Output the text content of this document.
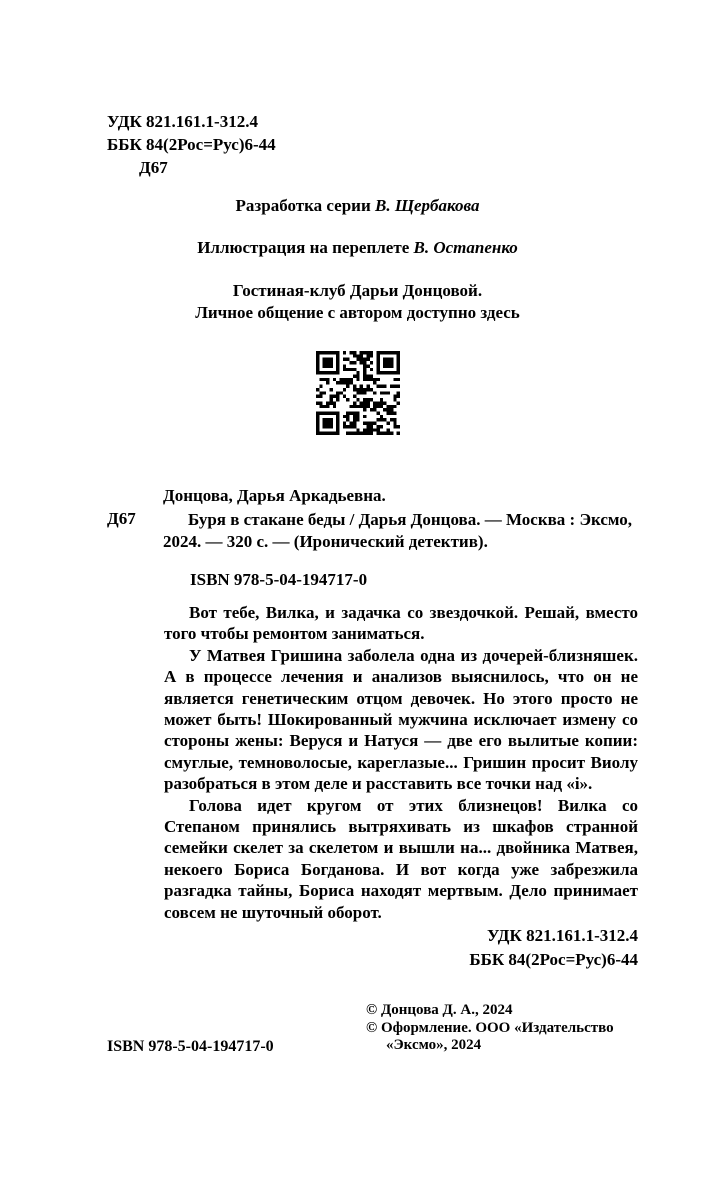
УДК 821.161.1-312.4
ББК 84(2Рос=Рус)6-44
Д67
Разработка серии В. Щербакова
Иллюстрация на переплете В. Остапенко
Гостиная-клуб Дарьи Донцовой.
Личное общение с автором доступно здесь
Донцова, Дарья Аркадьевна.
Д67	Буря в стакане беды / Дарья Донцова. — Москва : Эксмо, 2024. — 320 с. — (Иронический детектив).
ISBN 978-5-04-194717-0

Вот тебе, Вилка, и задачка со звездочкой. Решай, вместо того чтобы ремонтом заниматься.

У Матвея Гришина заболела одна из дочерей-близняшек. А в процессе лечения и анализов выяснилось, что он не является генетическим отцом девочек. Но этого просто не может быть! Шокированный мужчина исключает измену со стороны жены: Веруся и Натуся — две его вылитые копии: смуглые, темноволосые, кареглазые... Гришин просит Виолу разобраться в этом деле и расставить все точки над «i».

Голова идет кругом от этих близнецов! Вилка со Степаном принялись вытряхивать из шкафов странной семейки скелет за скелетом и вышли на... двойника Матвея, некоего Бориса Богданова. И вот когда уже забрезжила разгадка тайны, Бориса находят мертвым. Дело принимает совсем не шуточный оборот.

УДК 821.161.1-312.4
ББК 84(2Рос=Рус)6-44
© Донцова Д. А., 2024
© Оформление. ООО «Издательство
«Эксмо», 2024
ISBN 978-5-04-194717-0
